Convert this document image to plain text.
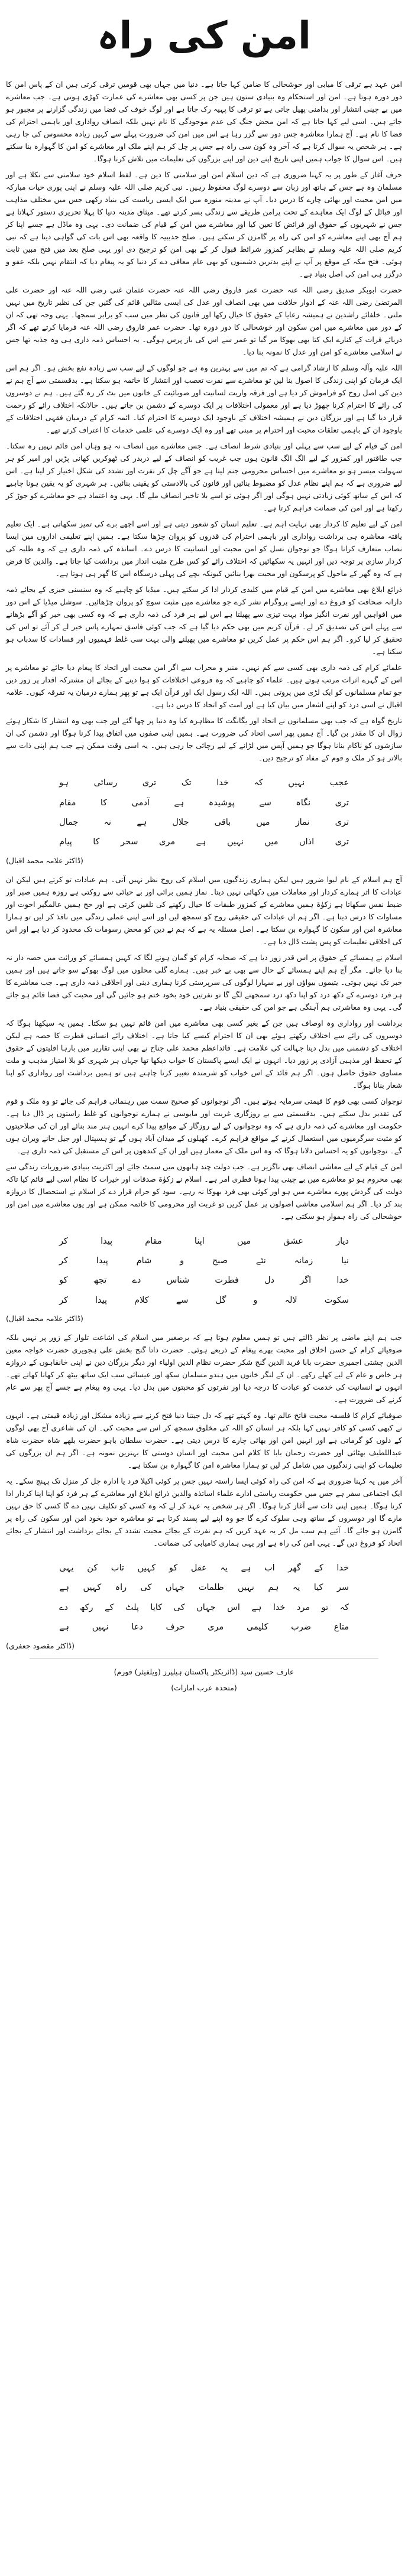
امن کی راہ

امن عہد ہے ترقی کا میابی اور خوشحالی کا ضامن کہا جاتا ہے۔ دنیا میں جہاں بھی قومیں ترقی کرتی ہیں ان کے پاس امن کا دور دورہ ہوتا ہے۔ امن اور استحکام وہ بنیادی ستون ہیں جن پر کسی بھی معاشرے کی عمارت کھڑی ہوتی ہے۔ جب معاشرے میں بے چینی انتشار اور بدامنی پھیل جاتی ہے تو ترقی کا پہیہ رک جاتا ہے اور لوگ خوف کی فضا میں زندگی گزارنے پر مجبور ہو جاتے ہیں۔ اسی لیے کہا جاتا ہے کہ امن محض جنگ کی عدم موجودگی کا نام نہیں بلکہ انصاف رواداری اور باہمی احترام کی فضا کا نام ہے۔ آج ہمارا معاشرہ جس دور سے گزر رہا ہے اس میں امن کی ضرورت پہلے سے کہیں زیادہ محسوس کی جا رہی ہے۔ ہر شخص یہ سوال کرتا ہے کہ آخر وہ کون سی راہ ہے جس پر چل کر ہم اپنے ملک اور معاشرے کو امن کا گہوارہ بنا سکتے ہیں۔ اس سوال کا جواب ہمیں اپنی تاریخ اپنے دین اور اپنے بزرگوں کی تعلیمات میں تلاش کرنا ہوگا۔

حرف آغاز کے طور پر یہ کہنا ضروری ہے کہ دین اسلام امن اور سلامتی کا دین ہے۔ لفظ اسلام خود سلامتی سے نکلا ہے اور مسلمان وہ ہے جس کے ہاتھ اور زبان سے دوسرے لوگ محفوظ رہیں۔ نبی کریم صلی اللہ علیہ وسلم نے اپنی پوری حیات مبارکہ میں امن محبت اور بھائی چارے کا درس دیا۔ آپ نے مدینہ منورہ میں ایک ایسی ریاست کی بنیاد رکھی جس میں مختلف مذاہب اور قبائل کے لوگ ایک معاہدے کے تحت پرامن طریقے سے زندگی بسر کرتے تھے۔ میثاق مدینہ دنیا کا پہلا تحریری دستور کہلاتا ہے جس نے شہریوں کے حقوق اور فرائض کا تعین کیا اور معاشرے میں امن کے قیام کی ضمانت دی۔ یہی وہ ماڈل ہے جسے اپنا کر ہم آج بھی اپنے معاشرے کو امن کی راہ پر گامزن کر سکتے ہیں۔ صلح حدیبیہ کا واقعہ بھی اس بات کی گواہی دیتا ہے کہ نبی کریم صلی اللہ علیہ وسلم نے بظاہر کمزور شرائط قبول کر کے بھی امن کو ترجیح دی اور یہی صلح بعد میں فتح مبین ثابت ہوئی۔ فتح مکہ کے موقع پر آپ نے اپنے بدترین دشمنوں کو بھی عام معافی دے کر دنیا کو یہ پیغام دیا کہ انتقام نہیں بلکہ عفو و درگزر ہی امن کی اصل بنیاد ہے۔

حضرت ابوبکر صدیق رضی اللہ عنہ حضرت عمر فاروق رضی اللہ عنہ حضرت عثمان غنی رضی اللہ عنہ اور حضرت علی المرتضیٰ رضی اللہ عنہ کے ادوار خلافت میں بھی انصاف اور عدل کی ایسی مثالیں قائم کی گئیں جن کی نظیر تاریخ میں نہیں ملتی۔ خلفائے راشدین نے ہمیشہ رعایا کے حقوق کا خیال رکھا اور قانون کی نظر میں سب کو برابر سمجھا۔ یہی وجہ تھی کہ ان کے دور میں معاشرے میں امن سکون اور خوشحالی کا دور دورہ تھا۔ حضرت عمر فاروق رضی اللہ عنہ فرمایا کرتے تھے کہ اگر دریائے فرات کے کنارے ایک کتا بھی بھوکا مر گیا تو عمر سے اس کی باز پرس ہوگی۔ یہ احساس ذمہ داری ہی وہ جذبہ تھا جس نے اسلامی معاشرے کو امن اور عدل کا نمونہ بنا دیا۔

اللہ علیہ وآلہ وسلم کا ارشاد گرامی ہے کہ تم میں سے بہترین وہ ہے جو لوگوں کے لیے سب سے زیادہ نفع بخش ہو۔ اگر ہم اس ایک فرمان کو اپنی زندگی کا اصول بنا لیں تو معاشرے سے نفرت تعصب اور انتشار کا خاتمہ ہو سکتا ہے۔ بدقسمتی سے آج ہم نے دین کی اصل روح کو فراموش کر دیا ہے اور فرقہ واریت لسانیت اور صوبائیت کے خانوں میں بٹ کر رہ گئے ہیں۔ ہم نے دوسروں کی رائے کا احترام کرنا چھوڑ دیا ہے اور معمولی اختلافات پر ایک دوسرے کے دشمن بن جاتے ہیں۔ حالانکہ اختلاف رائے کو رحمت قرار دیا گیا ہے اور بزرگان دین نے ہمیشہ اختلاف کے باوجود ایک دوسرے کا احترام کیا۔ ائمہ کرام کے درمیان فقہی اختلافات کے باوجود ان کے باہمی تعلقات محبت اور احترام پر مبنی تھے اور وہ ایک دوسرے کی علمی خدمات کا اعتراف کرتے تھے۔

امن کے قیام کے لیے سب سے پہلی اور بنیادی شرط انصاف ہے۔ جس معاشرے میں انصاف نہ ہو وہاں امن قائم نہیں رہ سکتا۔ جب طاقتور اور کمزور کے لیے الگ الگ قانون ہوں جب غریب کو انصاف کے لیے دربدر کی ٹھوکریں کھانی پڑیں اور امیر کو ہر سہولت میسر ہو تو معاشرے میں احساس محرومی جنم لیتا ہے جو آگے چل کر نفرت اور تشدد کی شکل اختیار کر لیتا ہے۔ اس لیے ضروری ہے کہ ہم اپنے نظام عدل کو مضبوط بنائیں اور قانون کی بالادستی کو یقینی بنائیں۔ ہر شہری کو یہ یقین ہونا چاہیے کہ اس کے ساتھ کوئی زیادتی نہیں ہوگی اور اگر ہوئی تو اسے بلا تاخیر انصاف ملے گا۔ یہی وہ اعتماد ہے جو معاشرے کو جوڑ کر رکھتا ہے اور امن کی ضمانت فراہم کرتا ہے۔

امن کے لیے تعلیم کا کردار بھی نہایت اہم ہے۔ تعلیم انسان کو شعور دیتی ہے اور اسے اچھے برے کی تمیز سکھاتی ہے۔ ایک تعلیم یافتہ معاشرہ ہی برداشت رواداری اور باہمی احترام کی قدروں کو پروان چڑھا سکتا ہے۔ ہمیں اپنے تعلیمی اداروں میں ایسا نصاب متعارف کرانا ہوگا جو نوجوان نسل کو امن محبت اور انسانیت کا درس دے۔ اساتذہ کی ذمہ داری ہے کہ وہ طلبہ کی کردار سازی پر توجہ دیں اور انہیں یہ سکھائیں کہ اختلاف رائے کو کس طرح مثبت انداز میں برداشت کیا جاتا ہے۔ والدین کا فرض ہے کہ وہ گھر کے ماحول کو پرسکون اور محبت بھرا بنائیں کیونکہ بچے کی پہلی درسگاہ اس کا گھر ہی ہوتا ہے۔

ذرائع ابلاغ بھی معاشرے میں امن کے قیام میں کلیدی کردار ادا کر سکتے ہیں۔ میڈیا کو چاہیے کہ وہ سنسنی خیزی کے بجائے ذمہ دارانہ صحافت کو فروغ دے اور ایسے پروگرام نشر کرے جو معاشرے میں مثبت سوچ کو پروان چڑھائیں۔ سوشل میڈیا کے اس دور میں افواہیں اور نفرت انگیز مواد بہت تیزی سے پھیلتا ہے اس لیے ہر فرد کی ذمہ داری ہے کہ وہ کسی بھی خبر کو آگے بڑھانے سے پہلے اس کی تصدیق کر لے۔ قرآن کریم میں بھی حکم دیا گیا ہے کہ جب کوئی فاسق تمہارے پاس خبر لے کر آئے تو اس کی تحقیق کر لیا کرو۔ اگر ہم اس حکم پر عمل کریں تو معاشرے میں پھیلنے والی بہت سی غلط فہمیوں اور فسادات کا سدباب ہو سکتا ہے۔

علمائے کرام کی ذمہ داری بھی کسی سے کم نہیں۔ منبر و محراب سے اگر امن محبت اور اتحاد کا پیغام دیا جائے تو معاشرے پر اس کے گہرے اثرات مرتب ہوتے ہیں۔ علماء کو چاہیے کہ وہ فروعی اختلافات کو ہوا دینے کے بجائے ان مشترکہ اقدار پر زور دیں جو تمام مسلمانوں کو ایک لڑی میں پروتی ہیں۔ اللہ ایک رسول ایک اور قرآن ایک ہے تو پھر ہمارے درمیان یہ تفرقہ کیوں۔ علامہ اقبال نے اسی درد کو اپنے اشعار میں بیان کیا ہے اور امت کو اتحاد کا درس دیا ہے۔

تاریخ گواہ ہے کہ جب بھی مسلمانوں نے اتحاد اور یگانگت کا مظاہرہ کیا وہ دنیا پر چھا گئے اور جب بھی وہ انتشار کا شکار ہوئے زوال ان کا مقدر بن گیا۔ آج ہمیں پھر اسی اتحاد کی ضرورت ہے۔ ہمیں اپنی صفوں میں اتفاق پیدا کرنا ہوگا اور دشمن کی ان سازشوں کو ناکام بنانا ہوگا جو ہمیں آپس میں لڑانے کے لیے رچائی جا رہی ہیں۔ یہ اسی وقت ممکن ہے جب ہم اپنی ذات سے بالاتر ہو کر ملک و قوم کے مفاد کو ترجیح دیں۔

عجب
نہیں
کہ
خدا
تک
تری
رسائی
ہو
تری
نگاہ
سے
پوشیدہ
ہے
آدمی
کا
مقام
تری
نماز
میں
باقی
جلال
ہے
نہ
جمال
تری
اذاں
میں
نہیں
ہے
مری
سحر
کا
پیام
(ڈاکٹر علامہ محمد اقبال)

آج ہم اسلام کے نام لیوا ضرور ہیں لیکن ہماری زندگیوں میں اسلام کی روح نظر نہیں آتی۔ ہم عبادات تو کرتے ہیں لیکن ان عبادات کا اثر ہمارے کردار اور معاملات میں دکھائی نہیں دیتا۔ نماز ہمیں برائی اور بے حیائی سے روکتی ہے روزہ ہمیں صبر اور ضبط نفس سکھاتا ہے زکوٰۃ ہمیں معاشرے کے کمزور طبقات کا خیال رکھنے کی تلقین کرتی ہے اور حج ہمیں عالمگیر اخوت اور مساوات کا درس دیتا ہے۔ اگر ہم ان عبادات کی حقیقی روح کو سمجھ لیں اور اسے اپنی عملی زندگی میں نافذ کر لیں تو ہمارا معاشرہ امن اور سکون کا گہوارہ بن سکتا ہے۔ اصل مسئلہ یہ ہے کہ ہم نے دین کو محض رسومات تک محدود کر دیا ہے اور اس کی اخلاقی تعلیمات کو پس پشت ڈال دیا ہے۔

اسلام نے ہمسائے کے حقوق پر اس قدر زور دیا ہے کہ صحابہ کرام کو گمان ہونے لگا کہ کہیں ہمسائے کو وراثت میں حصہ دار نہ بنا دیا جائے۔ مگر آج ہم اپنے ہمسائے کے حال سے بھی بے خبر ہیں۔ ہمارے گلی محلوں میں لوگ بھوکے سو جاتے ہیں اور ہمیں خبر تک نہیں ہوتی۔ یتیموں بیواؤں اور بے سہارا لوگوں کی سرپرستی کرنا ہماری دینی اور اخلاقی ذمہ داری ہے۔ جب معاشرے کا ہر فرد دوسرے کے دکھ درد کو اپنا دکھ درد سمجھنے لگے گا تو نفرتیں خود بخود ختم ہو جائیں گی اور محبت کی فضا قائم ہو جائے گی۔ یہی وہ معاشرتی ہم آہنگی ہے جو امن کی حقیقی بنیاد ہے۔

برداشت اور رواداری وہ اوصاف ہیں جن کے بغیر کسی بھی معاشرے میں امن قائم نہیں ہو سکتا۔ ہمیں یہ سیکھنا ہوگا کہ دوسروں کی رائے سے اختلاف رکھتے ہوئے بھی ان کا احترام کیسے کیا جاتا ہے۔ اختلاف رائے انسانی فطرت کا حصہ ہے لیکن اختلاف کو دشمنی میں بدل دینا جہالت کی علامت ہے۔ قائداعظم محمد علی جناح نے بھی اپنی تقاریر میں بارہا اقلیتوں کے حقوق کے تحفظ اور مذہبی آزادی پر زور دیا۔ انہوں نے ایک ایسے پاکستان کا خواب دیکھا تھا جہاں ہر شہری کو بلا امتیاز مذہب و ملت مساوی حقوق حاصل ہوں۔ اگر ہم قائد کے اس خواب کو شرمندہ تعبیر کرنا چاہتے ہیں تو ہمیں برداشت اور رواداری کو اپنا شعار بنانا ہوگا۔

نوجوان کسی بھی قوم کا قیمتی سرمایہ ہوتے ہیں۔ اگر نوجوانوں کو صحیح سمت میں رہنمائی فراہم کی جائے تو وہ ملک و قوم کی تقدیر بدل سکتے ہیں۔ بدقسمتی سے بے روزگاری غربت اور مایوسی نے ہمارے نوجوانوں کو غلط راستوں پر ڈال دیا ہے۔ حکومت اور معاشرے کی ذمہ داری ہے کہ وہ نوجوانوں کے لیے روزگار کے مواقع پیدا کرے انہیں ہنر مند بنائے اور ان کی صلاحیتوں کو مثبت سرگرمیوں میں استعمال کرنے کے مواقع فراہم کرے۔ کھیلوں کے میدان آباد ہوں گے تو ہسپتال اور جیل خانے ویران ہوں گے۔ نوجوانوں کو یہ احساس دلانا ہوگا کہ وہ اس ملک کے معمار ہیں اور ان کے کندھوں پر اس کے مستقبل کی ذمہ داری ہے۔

امن کے قیام کے لیے معاشی انصاف بھی ناگزیر ہے۔ جب دولت چند ہاتھوں میں سمٹ جائے اور اکثریت بنیادی ضروریات زندگی سے بھی محروم ہو تو معاشرے میں بے چینی پیدا ہونا فطری امر ہے۔ اسلام نے زکوٰۃ صدقات اور خیرات کا نظام اسی لیے قائم کیا تاکہ دولت کی گردش پورے معاشرے میں ہو اور کوئی بھی فرد بھوکا نہ رہے۔ سود کو حرام قرار دے کر اسلام نے استحصال کا دروازہ بند کر دیا۔ اگر ہم اسلامی معاشی اصولوں پر عمل کریں تو غربت اور محرومی کا خاتمہ ممکن ہے اور یوں معاشرے میں امن اور خوشحالی کی راہ ہموار ہو سکتی ہے۔

دیار
عشق
میں
اپنا
مقام
پیدا
کر
نیا
زمانہ
نئے
صبح
و
شام
پیدا
کر
خدا
اگر
دل
فطرت
شناس
دے
تجھ
کو
سکوت
لالہ
و
گل
سے
کلام
پیدا
کر
(ڈاکٹر علامہ محمد اقبال)

جب ہم اپنے ماضی پر نظر ڈالتے ہیں تو ہمیں معلوم ہوتا ہے کہ برصغیر میں اسلام کی اشاعت تلوار کے زور پر نہیں بلکہ صوفیائے کرام کے حسن اخلاق اور محبت بھرے پیغام کے ذریعے ہوئی۔ حضرت داتا گنج بخش علی ہجویری حضرت خواجہ معین الدین چشتی اجمیری حضرت بابا فرید الدین گنج شکر حضرت نظام الدین اولیاء اور دیگر بزرگان دین نے اپنی خانقاہوں کے دروازے ہر خاص و عام کے لیے کھلے رکھے۔ ان کے لنگر خانوں میں ہندو مسلمان سکھ اور عیسائی سب ایک ساتھ بیٹھ کر کھانا کھاتے تھے۔ انہوں نے انسانیت کی خدمت کو عبادت کا درجہ دیا اور نفرتوں کو محبتوں میں بدل دیا۔ یہی وہ پیغام ہے جسے آج پھر سے عام کرنے کی ضرورت ہے۔

صوفیائے کرام کا فلسفہ محبت فاتح عالم تھا۔ وہ کہتے تھے کہ دل جیتنا دنیا فتح کرنے سے زیادہ مشکل اور زیادہ قیمتی ہے۔ انہوں نے کبھی کسی کو کافر نہیں کہا بلکہ ہر انسان کو اللہ کی مخلوق سمجھ کر اس سے محبت کی۔ ان کی شاعری آج بھی لوگوں کے دلوں کو گرماتی ہے اور انہیں امن اور بھائی چارے کا درس دیتی ہے۔ حضرت سلطان باہو حضرت بلھے شاہ حضرت شاہ عبداللطیف بھٹائی اور حضرت رحمان بابا کا کلام امن محبت اور انسان دوستی کا بہترین نمونہ ہے۔ اگر ہم ان بزرگوں کی تعلیمات کو اپنی زندگیوں میں شامل کر لیں تو ہمارا معاشرہ امن کا گہوارہ بن سکتا ہے۔

آخر میں یہ کہنا ضروری ہے کہ امن کی راہ کوئی ایسا راستہ نہیں جس پر کوئی اکیلا فرد یا ادارہ چل کر منزل تک پہنچ سکے۔ یہ ایک اجتماعی سفر ہے جس میں حکومت ریاستی ادارے علماء اساتذہ والدین ذرائع ابلاغ اور معاشرے کے ہر فرد کو اپنا اپنا کردار ادا کرنا ہوگا۔ ہمیں اپنی ذات سے آغاز کرنا ہوگا۔ اگر ہر شخص یہ عہد کر لے کہ وہ کسی کو تکلیف نہیں دے گا کسی کا حق نہیں مارے گا اور دوسروں کے ساتھ وہی سلوک کرے گا جو وہ اپنے لیے پسند کرتا ہے تو معاشرہ خود بخود امن اور سکون کی راہ پر گامزن ہو جائے گا۔ آئیے ہم سب مل کر یہ عہد کریں کہ ہم نفرت کے بجائے محبت تشدد کے بجائے برداشت اور انتشار کے بجائے اتحاد کو فروغ دیں گے۔ یہی امن کی راہ ہے اور یہی ہماری کامیابی کی ضمانت۔

خدا
کے
گھر
اب
ہے
یہ
عقل
کو
کہیں
تاب
کن
یہی
سر
کیا
یہ
ہم
نہیں
ظلمات
جہاں
کی
راہ
کہیں
ہے
کہ
تو
مرد
خدا
ہے
اس
جہاں
کی
کایا
پلٹ
کے
رکھ
دے
متاع
ضرب
کلیمی
مری
حرف
دعا
نہیں
ہے
(ڈاکٹر مقصود جعفری)
عارف حسین سید (ڈائریکٹر پاکستان ہیلپرز (ویلفیئر) فورم)
(متحدہ عرب امارات)
